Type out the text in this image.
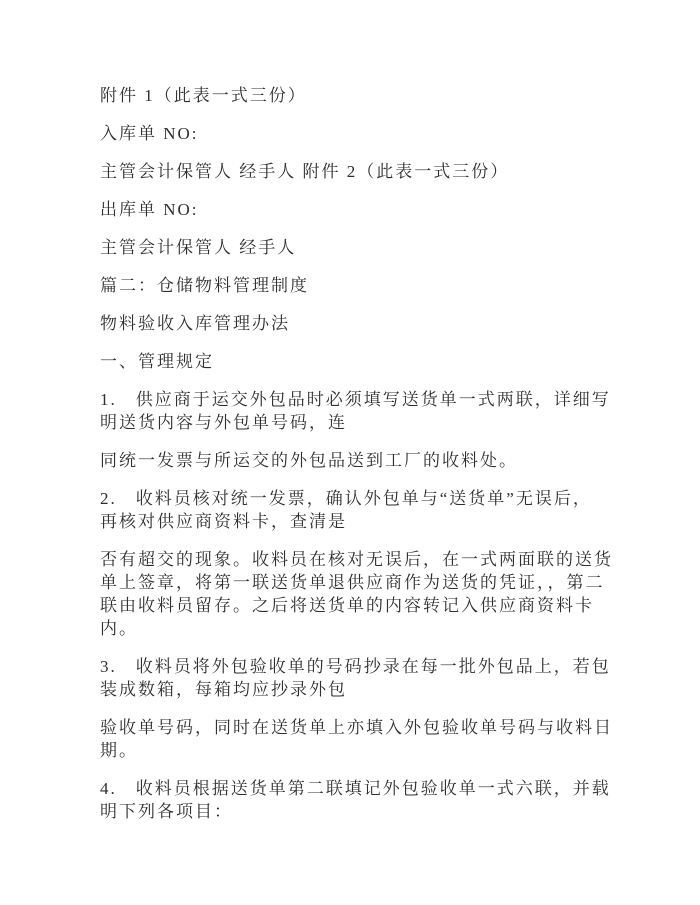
附件 1（此表一式三份）
入库单 NO:
主管会计保管人 经手人 附件 2（此表一式三份）
出库单 NO:
主管会计保管人 经手人
篇二：仓储物料管理制度
物料验收入库管理办法
一、管理规定
1.　供应商于运交外包品时必须填写送货单一式两联，详细写
明送货内容与外包单号码，连
同统一发票与所运交的外包品送到工厂的收料处。
2.　收料员核对统一发票，确认外包单与“送货单”无误后，
再核对供应商资料卡，查清是
否有超交的现象。收料员在核对无误后，在一式两面联的送货
单上签章，将第一联送货单退供应商作为送货的凭证，，第二
联由收料员留存。之后将送货单的内容转记入供应商资料卡
内。
3.　收料员将外包验收单的号码抄录在每一批外包品上，若包
装成数箱，每箱均应抄录外包
验收单号码，同时在送货单上亦填入外包验收单号码与收料日
期。
4.　收料员根据送货单第二联填记外包验收单一式六联，并载
明下列各项目：
